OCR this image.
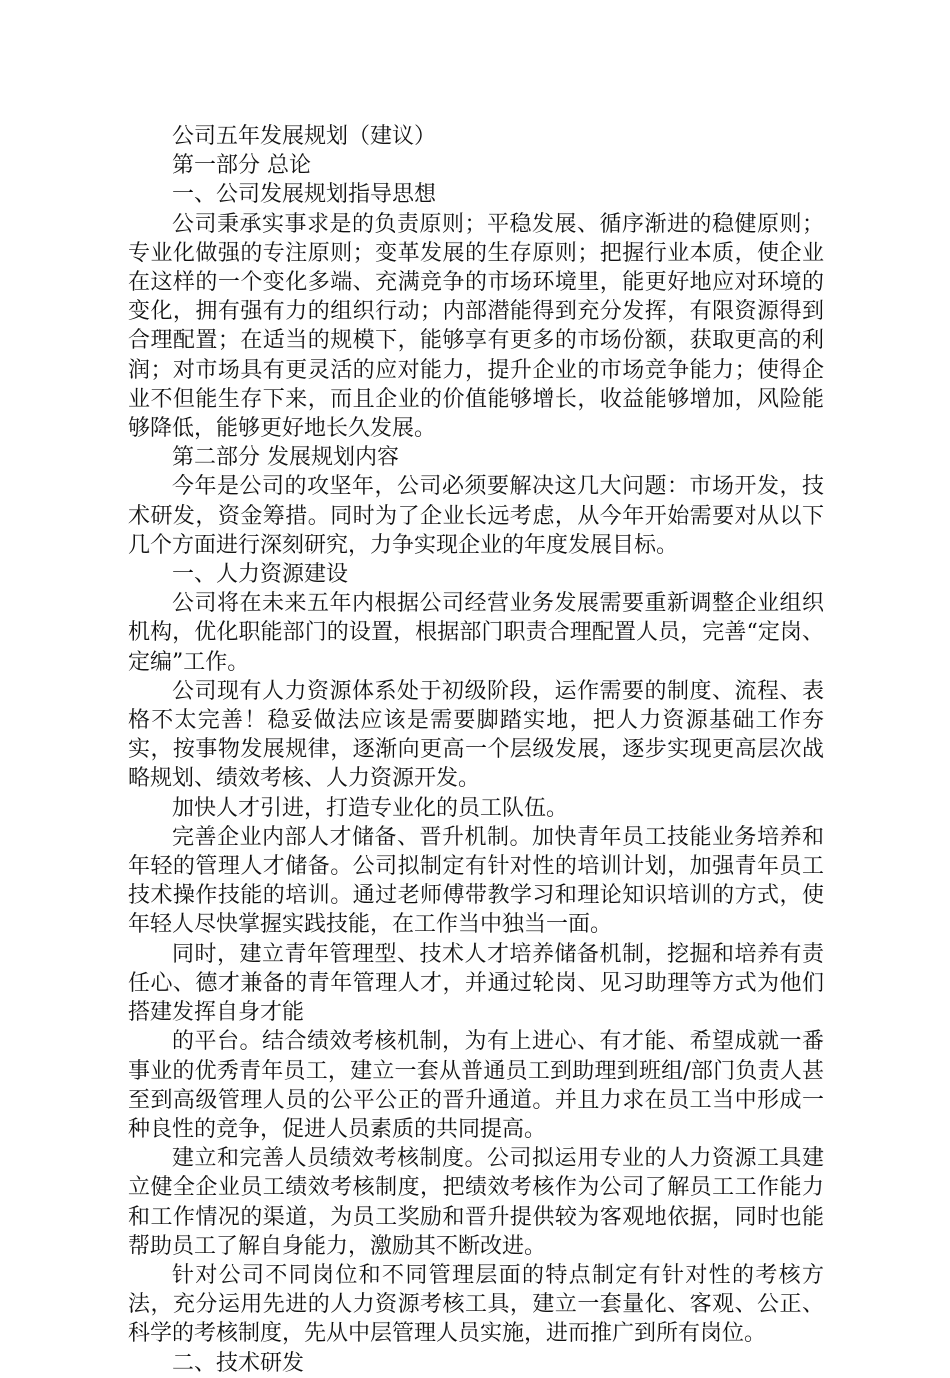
公司五年发展规划（建议）

第一部分 总论

一、公司发展规划指导思想

公司秉承实事求是的负责原则；平稳发展、循序渐进的稳健原则；专业化做强的专注原则；变革发展的生存原则；把握行业本质，使企业在这样的一个变化多端、充满竞争的市场环境里，能更好地应对环境的变化，拥有强有力的组织行动；内部潜能得到充分发挥，有限资源得到合理配置；在适当的规模下，能够享有更多的市场份额，获取更高的利润；对市场具有更灵活的应对能力，提升企业的市场竞争能力；使得企业不但能生存下来，而且企业的价值能够增长，收益能够增加，风险能够降低，能够更好地长久发展。

第二部分 发展规划内容

今年是公司的攻坚年，公司必须要解决这几大问题：市场开发，技术研发，资金筹措。同时为了企业长远考虑，从今年开始需要对从以下几个方面进行深刻研究，力争实现企业的年度发展目标。

一、人力资源建设

公司将在未来五年内根据公司经营业务发展需要重新调整企业组织机构，优化职能部门的设置，根据部门职责合理配置人员，完善“定岗、定编”工作。

公司现有人力资源体系处于初级阶段，运作需要的制度、流程、表格不太完善！稳妥做法应该是需要脚踏实地，把人力资源基础工作夯实，按事物发展规律，逐渐向更高一个层级发展，逐步实现更高层次战略规划、绩效考核、人力资源开发。

加快人才引进，打造专业化的员工队伍。

完善企业内部人才储备、晋升机制。加快青年员工技能业务培养和年轻的管理人才储备。公司拟制定有针对性的培训计划，加强青年员工技术操作技能的培训。通过老师傅带教学习和理论知识培训的方式，使年轻人尽快掌握实践技能，在工作当中独当一面。

同时，建立青年管理型、技术人才培养储备机制，挖掘和培养有责任心、德才兼备的青年管理人才，并通过轮岗、见习助理等方式为他们搭建发挥自身才能

的平台。结合绩效考核机制，为有上进心、有才能、希望成就一番事业的优秀青年员工，建立一套从普通员工到助理到班组/部门负责人甚至到高级管理人员的公平公正的晋升通道。并且力求在员工当中形成一种良性的竞争，促进人员素质的共同提高。

建立和完善人员绩效考核制度。公司拟运用专业的人力资源工具建立健全企业员工绩效考核制度，把绩效考核作为公司了解员工工作能力和工作情况的渠道，为员工奖励和晋升提供较为客观地依据，同时也能帮助员工了解自身能力，激励其不断改进。

针对公司不同岗位和不同管理层面的特点制定有针对性的考核方法，充分运用先进的人力资源考核工具，建立一套量化、客观、公正、科学的考核制度，先从中层管理人员实施，进而推广到所有岗位。

二、技术研发
